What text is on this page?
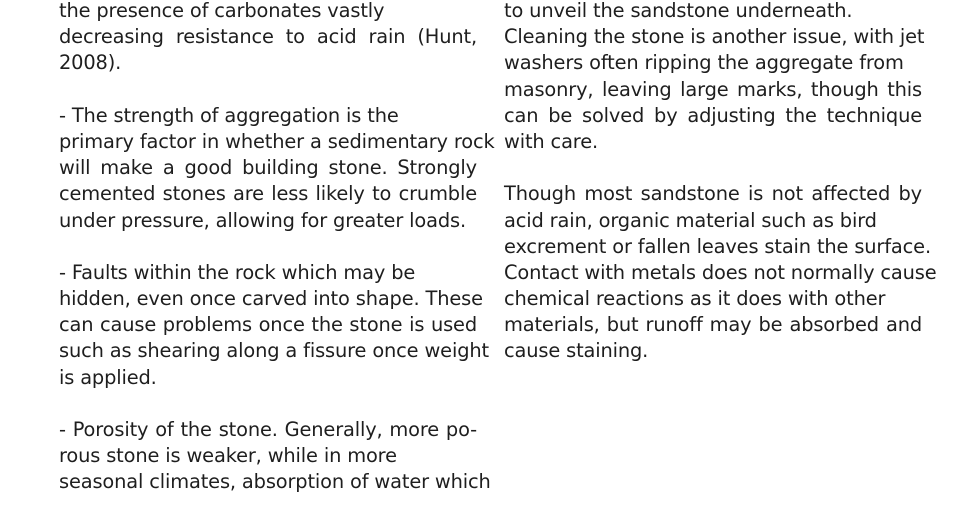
the presence of carbonates vastly
decreasing resistance to acid rain (Hunt,
2008).
- The strength of aggregation is the
primary factor in whether a sedimentary rock
will make a good building stone. Strongly
cemented stones are less likely to crumble
under pressure, allowing for greater loads.
- Faults within the rock which may be
hidden, even once carved into shape. These
can cause problems once the stone is used
such as shearing along a fissure once weight
is applied.
- Porosity of the stone. Generally, more po-
rous stone is weaker, while in more
seasonal climates, absorption of water which
to unveil the sandstone underneath.
Cleaning the stone is another issue, with jet
washers often ripping the aggregate from
masonry, leaving large marks, though this
can be solved by adjusting the technique
with care.
Though most sandstone is not affected by
acid rain, organic material such as bird
excrement or fallen leaves stain the surface.
Contact with metals does not normally cause
chemical reactions as it does with other
materials, but runoff may be absorbed and
cause staining.
